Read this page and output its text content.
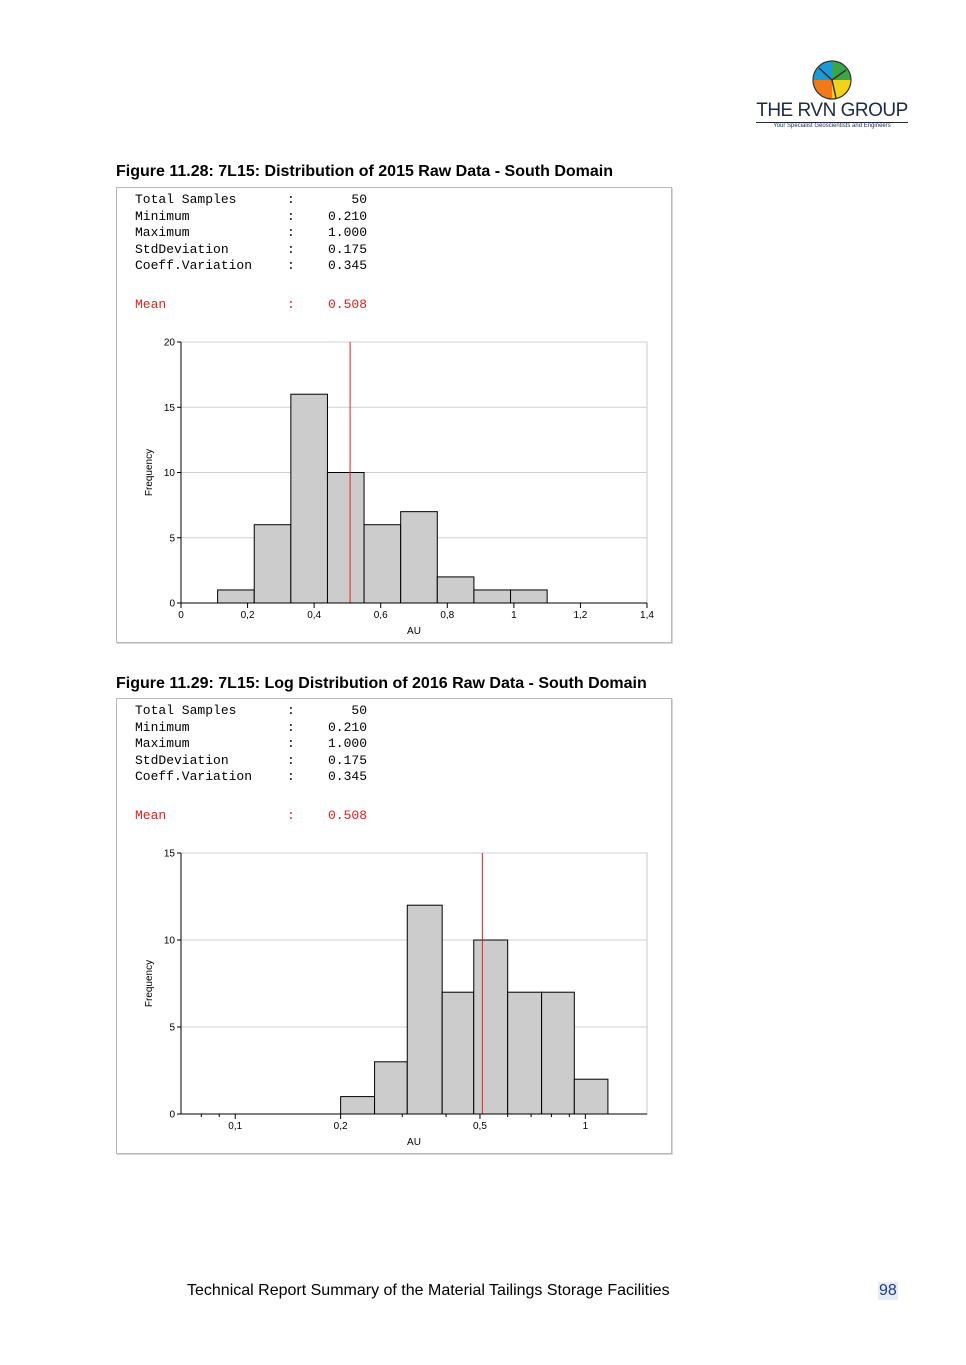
THE RVN GROUP
Your Specialist Geoscientists and Engineers
Figure 11.28: 7L15: Distribution of 2015 Raw Data - South Domain
Total Samples	:	50
Minimum	:	0.210
Maximum	:	1.000
StdDeviation	:	0.175
Coeff.Variation	:	0.345
Mean	:	0.508
0
5
10
15
20
0	0,2	0,4	0,6	0,8	1	1,2	1,4
AU
Frequency
Figure 11.29: 7L15: Log Distribution of 2016 Raw Data - South Domain
Total Samples	:	50
Minimum	:	0.210
Maximum	:	1.000
StdDeviation	:	0.175
Coeff.Variation	:	0.345
Mean	:	0.508
0
5
10
15
0,1	0,2	0,5	1
AU
Frequency
Technical Report Summary of the Material Tailings Storage Facilities	98
